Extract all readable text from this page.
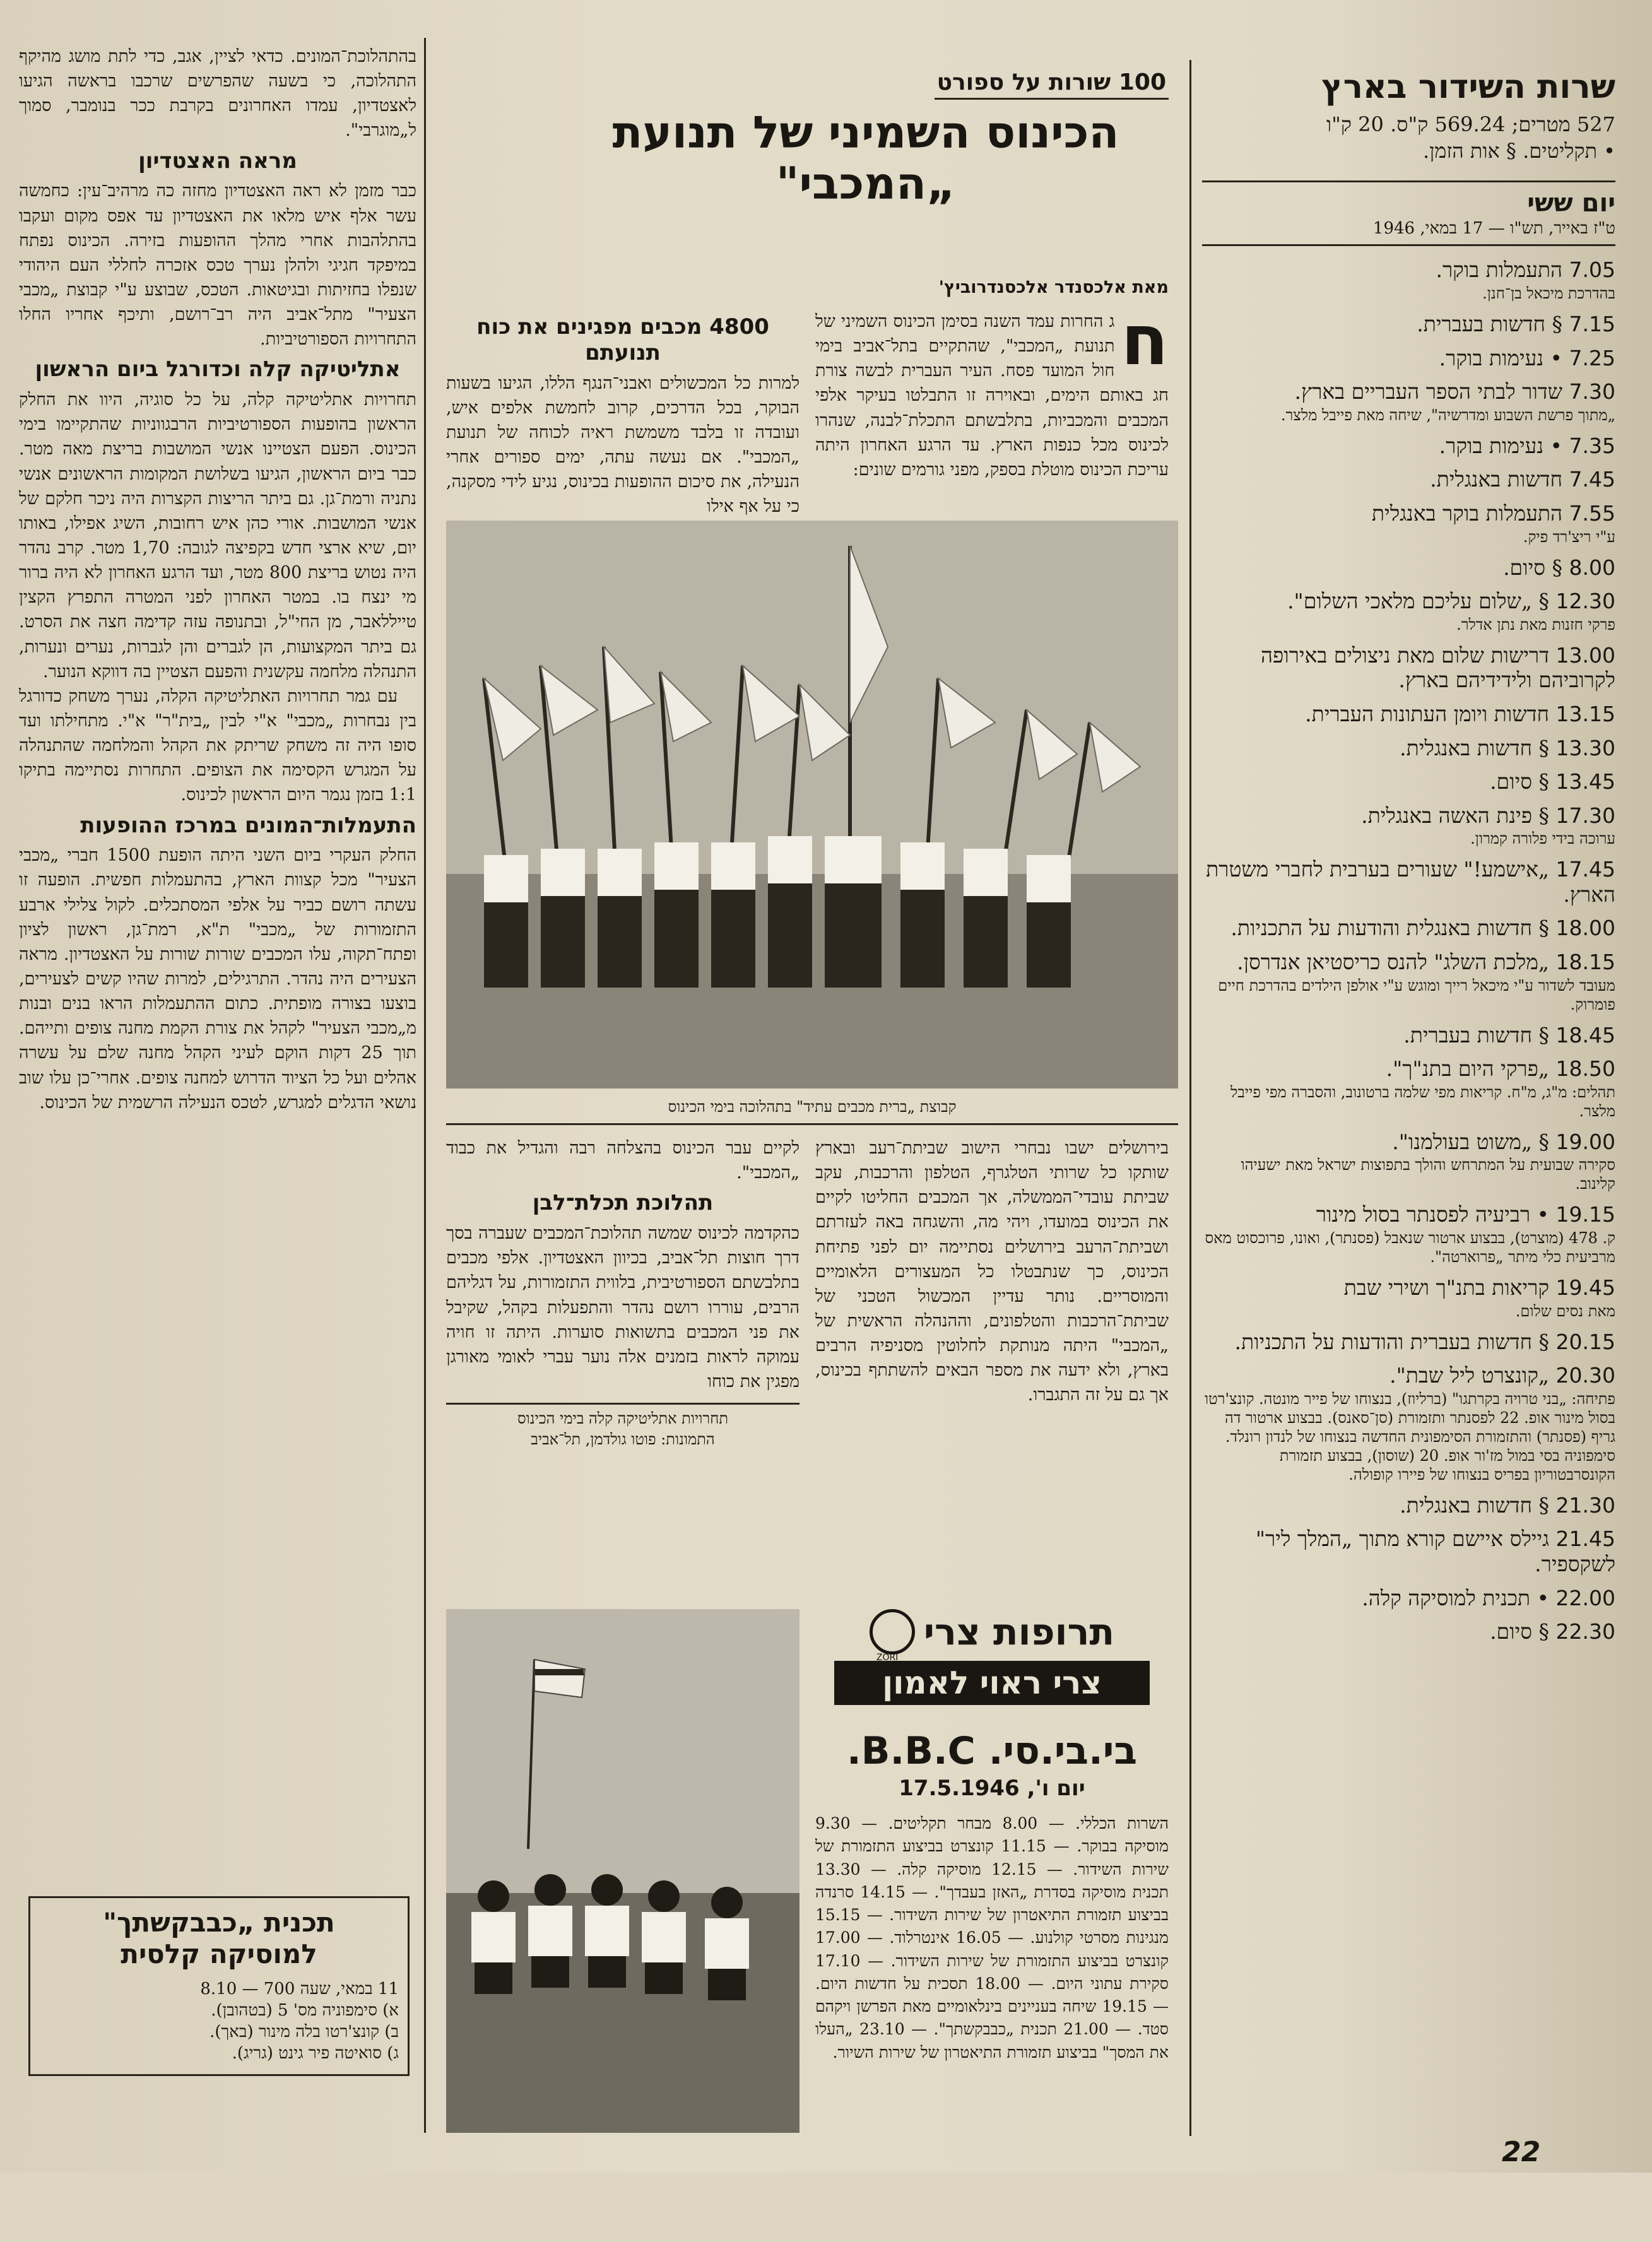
שרות השידור בארץ
527 מטרים; 569.24 ק"ס. 20 ק"ו
• תקליטים. § אות הזמן.
יום ששי
ט"ז באייר, תש"ו — 17 במאי, 1946
7.05 התעמלות בוקר.
בהדרכת מיכאל בן־חנן.
7.15 § חדשות בעברית.
7.25 • נעימות בוקר.
7.30 שדור לבתי הספר העבריים בארץ.
„מתוך פרשת השבוע ומדרשיה", שיחה מאת פייבל מלצר.
7.35 • נעימות בוקר.
7.45 חדשות באנגלית.
7.55 התעמלות בוקר באנגלית
ע"י ריצ'רד פיק.
8.00 § סיום.
12.30 § „שלום עליכם מלאכי השלום".
פרקי חזנות מאת נתן אדלר.
13.00 דרישות שלום מאת ניצולים באירופה לקרוביהם ולידידיהם בארץ.
13.15 חדשות ויומן העתונות העברית.
13.30 § חדשות באנגלית.
13.45 § סיום.
17.30 § פינת האשה באנגלית.
ערוכה בידי פלורה קמרון.
17.45 „אישמע!" שעורים בערבית לחברי משטרת הארץ.
18.00 § חדשות באנגלית והודעות על התכניות.
18.15 „מלכת השלג" להנס כריסטיאן אנדרסן.
מעובד לשדור ע"י מיכאל רייך ומוגש ע"י אולפן הילדים בהדרכת חיים פומרוק.
18.45 § חדשות בעברית.
18.50 „פרקי היום בתנ"ך".
תהלים: מ"ג, מ"ח. קריאות מפי שלמה ברטונוב, והסברה מפי פייבל מלצר.
19.00 § „משוט בעולמנו".
סקירה שבועית על המתרחש והולך בתפוצות ישראל מאת ישעיהו קלינוב.
19.15 • רביעיה לפסנתר בסול מינור
ק. 478 (מוצרט), בבצוע ארטור שנאבל (פסנתר), ואונו, פרוכסוט מאס מרביעית כלי מיתר „פרוארטה".
19.45 קריאות בתנ"ך ושירי שבת
מאת נסים שלום.
20.15 § חדשות בעברית והודעות על התכניות.
20.30 „קונצרט ליל שבת".
פתיחה: „בני טרויה בקרתגו" (ברליוז), בנצוחו של פייר מונטה. קונצ'רטו בסול מינור אופ. 22 לפסנתר ותזמורת (סן־סאנס). בבצוע ארטור דה גריף (פסנתר) והתזמורת הסימפונית החדשה בנצוחו של לנדון רונלד. סימפוניה בסי במול מז'ור אופ. 20 (שוסון), בבצוע תזמורת הקונסרבטוריון בפריס בנצוחו של פיירו קופולה.
21.30 § חדשות באנגלית.
21.45 גיילס איישם קורא מתוך „המלך ליר" לשקספיר.
22.00 • תכנית למוסיקה קלה.
22.30 § סיום.
100 שורות על ספורט
הכינוס השמיני של תנועת
„המכבי"
מאת אלכסנדר אלכסנדרוביץ'
ח
ג החרות עמד השנה בסימן הכינוס השמיני של תנועת „המכבי", שהתקיים בתל־אביב בימי חול המועד פסח. העיר העברית לבשה צורת חג באותם הימים, ובאוירה זו התבלטו בעיקר אלפי המכבים והמכביות, בתלבשתם התכלת־לבנה, שנהרו לכינוס מכל כנפות הארץ. עד הרגע האחרון היתה עריכת הכינוס מוטלת בספק, מפני גורמים שונים:
4800 מכבים מפגינים את כוח תנועתם
למרות כל המכשולים ואבני־הנגף הללו, הגיעו בשעות הבוקר, בכל הדרכים, קרוב לחמשת אלפים איש, ועובדה זו בלבד משמשת ראיה לכוחה של תנועת „המכבי". אם נעשה עתה, ימים ספורים אחרי הנעילה, את סיכום ההופעות בכינוס, נגיע לידי מסקנה, כי על אף אילו
קבוצת „ברית מכבים עתיד" בתהלוכה בימי הכינוס
בירושלים ישבו נבחרי הישוב שביתת־רעב ובארץ שותקו כל שרותי הטלגרף, הטלפון והרכבות, עקב שביתת עובדי־הממשלה, אך המכבים החליטו לקיים את הכינוס במועדו, ויהי מה, והשגחה באה לעזרתם ושביתת־הרעב בירושלים נסתיימה יום לפני פתיחת הכינוס, כך שנתבטלו כל המעצורים הלאומיים והמוסריים. נותר עדיין המכשול הטכני של שביתת־הרכבות והטלפונים, וההנהלה הראשית של „המכבי" היתה מנותקת לחלוטין מסניפיה הרבים בארץ, ולא ידעה את מספר הבאים להשתתף בכינוס, אך גם על זה התגברו.
לקיים עבר הכינוס בהצלחה רבה והגדיל את כבוד „המכבי".
תהלוכת תכלת־לבן
כהקדמה לכינוס שמשה תהלוכת־המכבים שעברה בסך דרך חוצות תל־אביב, בכיוון האצטדיון. אלפי מכבים בתלבשתם הספורטיבית, בלווית התזמורות, על דגליהם הרבים, עוררו רושם נהדר והתפעלות בקהל, שקיבל את פני המכבים בתשואות סוערות. היתה זו חויה עמוקה לראות בזמנים אלה נוער עברי לאומי מאורגן מפגין את כוחו
תחרויות אתליטיקה קלה בימי הכינוס
התמונות: פוטו גולדמן, תל־אביב
תרופות צרי
ZORI
צרי ראוי לאמון
בי.בי.סי. B.B.C.
יום ו', 17.5.1946
השרות הכללי. — 8.00 מבחר תקליטים. — 9.30 מוסיקה בבוקר. — 11.15 קונצרט בביצוע התזמורת של שירות השידור. — 12.15 מוסיקה קלה. — 13.30 תכנית מוסיקה בסדרת „האזן בעבדך". — 14.15 סרנדה בביצוע תזמורת התיאטרון של שירות השידור. — 15.15 מנגינות מסרטי קולנוע. — 16.05 אינטרלוד. — 17.00 קונצרט בביצוע התזמורת של שירות השידור. — 17.10 סקירת עתוני היום. — 18.00 תסכית על חדשות היום. — 19.15 שיחה בעניינים בינלאומיים מאת הפרשן ויקהם סטד. — 21.00 תכנית „כבבקשתך". — 23.10 „העלו את המסך" בביצוע תזמורת התיאטרון של שירות השיור.
בהתהלוכת־המונים. כדאי לציין, אגב, כדי לתת מושג מהיקף התהלוכה, כי בשעה שהפרשים שרכבו בראשה הגיעו לאצטדיון, עמדו האחרונים בקרבת ככר בנומבר, סמוך ל„מוגרבי".
מראה האצטדיון
כבר מזמן לא ראה האצטדיון מחזה כה מרהיב־עין: כחמשה עשר אלף איש מלאו את האצטדיון עד אפס מקום ועקבו בהתלהבות אחרי מהלך ההופעות בזירה. הכינוס נפתח במיפקד חגיגי ולהלן נערך טכס אזכרה לחללי העם היהודי שנפלו בחזיתות ובגיטאות. הטכס, שבוצע ע"י קבוצת „מכבי הצעיר" מתל־אביב היה רב־רושם, ותיכף אחריו החלו התחרויות הספורטיביות.
אתליטיקה קלה וכדורגל ביום הראשון
תחרויות אתליטיקה קלה, על כל סוגיה, היוו את החלק הראשון בהופעות הספורטיביות הרבגווניות שהתקיימו בימי הכינוס. הפעם הצטיינו אנשי המושבות בריצת מאה מטר. כבר ביום הראשון, הגיעו בשלושת המקומות הראשונים אנשי נתניה ורמת־גן. גם ביתר הריצות הקצרות היה ניכר חלקם של אנשי המושבות. אורי כהן איש רחובות, השיג אפילו, באותו יום, שיא ארצי חדש בקפיצה לגובה: 1,70 מטר. קרב נהדר היה נטוש בריצת 800 מטר, ועד הרגע האחרון לא היה ברור מי ינצח בו. במטר האחרון לפני המטרה התפרץ הקצין טייללאבר, מן החי"ל, ובתנופה עזה קדימה חצה את הסרט. גם ביתר המקצועות, הן לגברים והן לגברות, נערים ונערות, התנהלה מלחמה עקשנית והפעם הצטיין בה דווקא הנוער.
עם גמר תחרויות האתליטיקה הקלה, נערך משחק כדורגל בין נבחרות „מכבי" א"י לבין „בית"ר" א"י. מתחילתו ועד סופו היה זה משחק שריתק את הקהל והמלחמה שהתנהלה על המגרש הקסימה את הצופים. התחרות נסתיימה בתיקו 1:1 בזמן נגמר היום הראשון לכינוס.
התעמלות־המונים במרכז ההופעות
החלק העקרי ביום השני היתה הופעת 1500 חברי „מכבי הצעיר" מכל קצוות הארץ, בהתעמלות חפשית. הופעה זו עשתה רושם כביר על אלפי המסתכלים. לקול צלילי ארבע התזמורות של „מכבי" ת"א, רמת־גן, ראשון לציון ופתח־תקוה, עלו המכבים שורות שורות על האצטדיון. מראה הצעירים היה נהדר. התרגילים, למרות שהיו קשים לצעירים, בוצעו בצורה מופתית. כתום ההתעמלות הראו בנים ובנות מ„מכבי הצעיר" לקהל את צורת הקמת מחנה צופים ותייהם. תוך 25 דקות הוקם לעיני הקהל מחנה שלם על עשרה אהלים ועל כל הציוד הדרוש למחנה צופים. אחרי־כן עלו שוב נושאי הדגלים למגרש, לטכס הנעילה הרשמית של הכינוס.
תכנית „כבבקשתך"
למוסיקה קלסית
11 במאי, שעה 700 — 8.10
א) סימפוניה מס' 5 (בטהובן).
ב) קונצ'רטו בלה מינור (באך).
ג) סואיטה פיר גינט (גריג).
22
